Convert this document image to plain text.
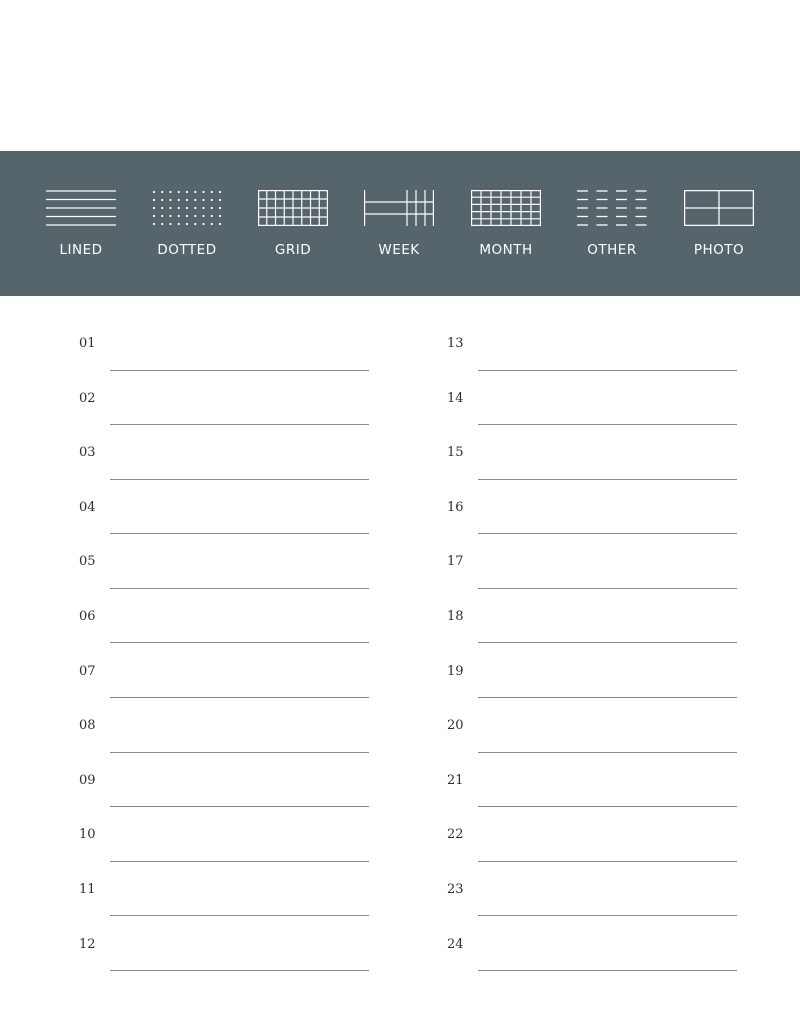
LINED	DOTTED	GRID	WEEK	MONTH	OTHER	PHOTO
01
02
03
04
05
06
07
08
09
10
11
12
13
14
15
16
17
18
19
20
21
22
23
24
